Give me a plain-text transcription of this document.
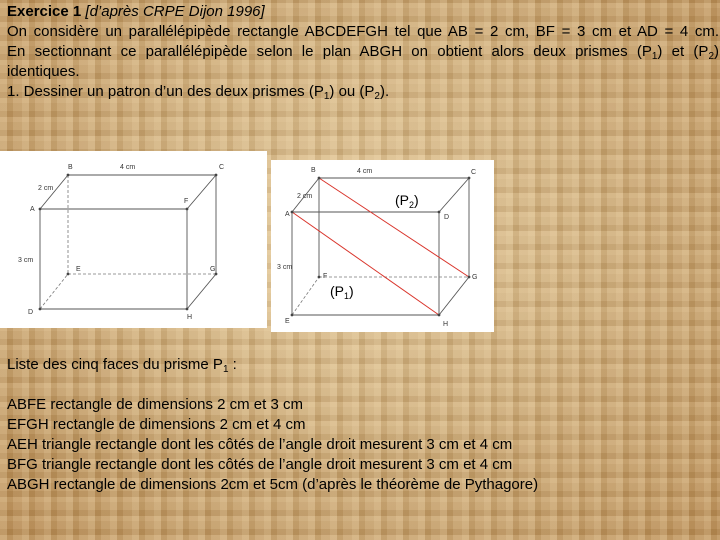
Exercice 1 [d’après CRPE Dijon 1996]

On considère un parallélépipède rectangle ABCDEFGH tel que AB = 2 cm, BF = 3 cm et AD = 4 cm.

En sectionnant ce parallélépipède selon le plan ABGH on obtient alors deux prismes $(P_1)$ et $(P_2)$

identiques.

1. Dessiner un patron d’un des deux prismes $(P_1)$ ou $(P_2)$.

B	C
A
F
E	G
D
H
4 cm
2 cm
3 cm
B	C
A	D
F	G
E	H
4 cm
2 cm
3 cm
$(P_2)$
$(P_1)$

Liste des cinq faces du prisme $P_1$ :

ABFE rectangle de dimensions 2 cm et 3 cm

EFGH rectangle de dimensions 2 cm et 4 cm

AEH triangle rectangle dont les côtés de l’angle droit mesurent 3 cm et 4 cm

BFG triangle rectangle dont les côtés de l’angle droit mesurent 3 cm et 4 cm

ABGH rectangle de dimensions 2cm et 5cm (d’après le théorème de Pythagore)
